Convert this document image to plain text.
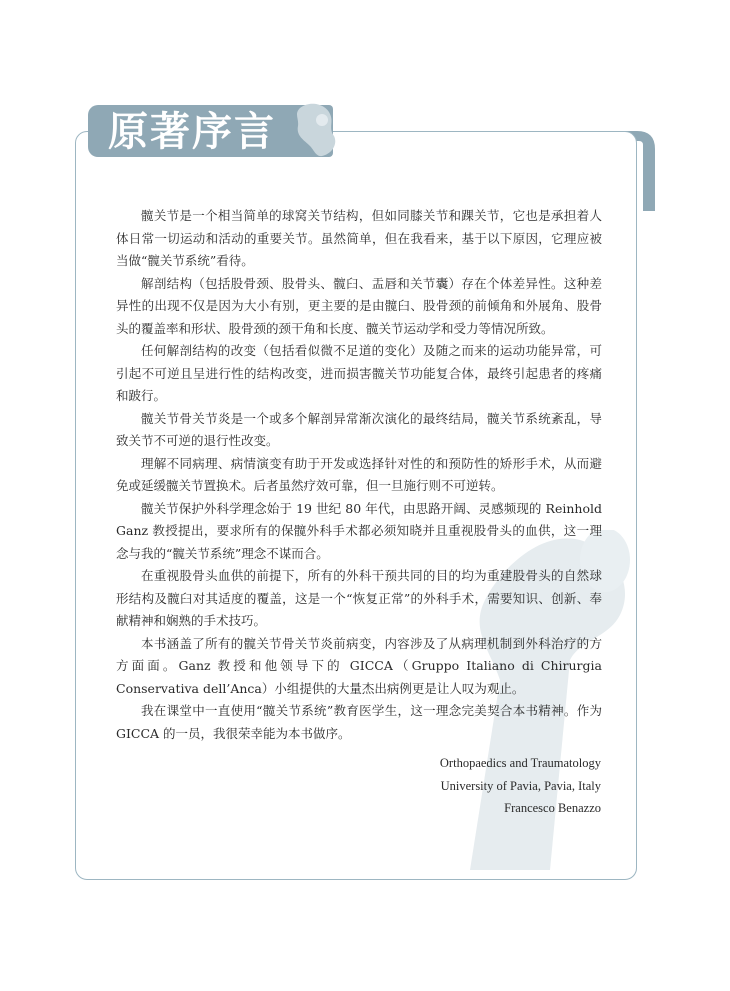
原著序言

髋关节是一个相当简单的球窝关节结构，但如同膝关节和踝关节，它也是承担着人体日常一切运动和活动的重要关节。虽然简单，但在我看来，基于以下原因，它理应被当做“髋关节系统”看待。

解剖结构（包括股骨颈、股骨头、髋臼、盂唇和关节囊）存在个体差异性。这种差异性的出现不仅是因为大小有别，更主要的是由髋臼、股骨颈的前倾角和外展角、股骨头的覆盖率和形状、股骨颈的颈干角和长度、髋关节运动学和受力等情况所致。

任何解剖结构的改变（包括看似微不足道的变化）及随之而来的运动功能异常，可引起不可逆且呈进行性的结构改变，进而损害髋关节功能复合体，最终引起患者的疼痛和跛行。

髋关节骨关节炎是一个或多个解剖异常渐次演化的最终结局，髋关节系统紊乱，导致关节不可逆的退行性改变。

理解不同病理、病情演变有助于开发或选择针对性的和预防性的矫形手术，从而避免或延缓髋关节置换术。后者虽然疗效可靠，但一旦施行则不可逆转。

髋关节保护外科学理念始于 19 世纪 80 年代，由思路开阔、灵感频现的 Reinhold Ganz 教授提出，要求所有的保髋外科手术都必须知晓并且重视股骨头的血供，这一理念与我的“髋关节系统”理念不谋而合。

在重视股骨头血供的前提下，所有的外科干预共同的目的均为重建股骨头的自然球形结构及髋臼对其适度的覆盖，这是一个“恢复正常”的外科手术，需要知识、创新、奉献精神和娴熟的手术技巧。

本书涵盖了所有的髋关节骨关节炎前病变，内容涉及了从病理机制到外科治疗的方方面面。Ganz 教授和他领导下的 GICCA（Gruppo Italiano di Chirurgia Conservativa dell’Anca）小组提供的大量杰出病例更是让人叹为观止。

我在课堂中一直使用“髋关节系统”教育医学生，这一理念完美契合本书精神。作为 GICCA 的一员，我很荣幸能为本书做序。

Orthopaedics and Traumatology
University of Pavia, Pavia, Italy
Francesco Benazzo
